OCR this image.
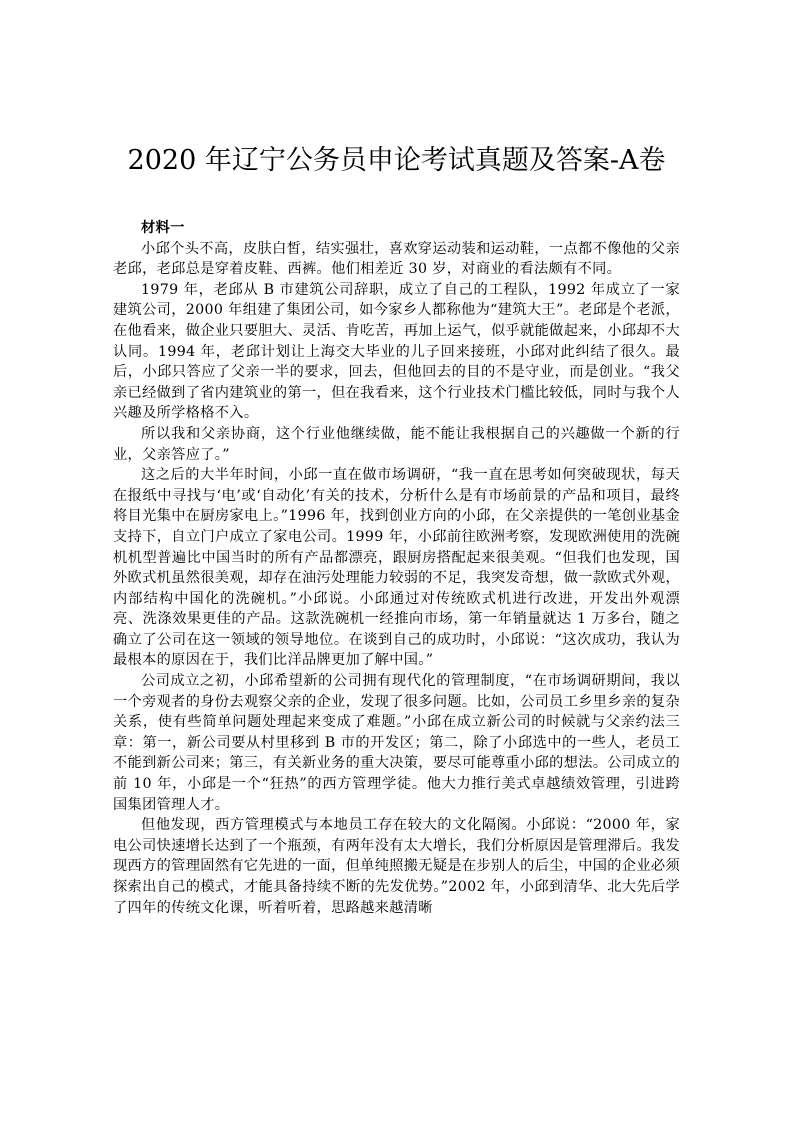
2020 年辽宁公务员申论考试真题及答案-A卷

材料一

小邱个头不高，皮肤白皙，结实强壮，喜欢穿运动装和运动鞋，一点都不像他的父亲老邱，老邱总是穿着皮鞋、西裤。他们相差近 30 岁，对商业的看法颇有不同。

1979 年，老邱从 B 市建筑公司辞职，成立了自己的工程队，1992 年成立了一家建筑公司，2000 年组建了集团公司，如今家乡人都称他为“建筑大王”。老邱是个老派，在他看来，做企业只要胆大、灵活、肯吃苦，再加上运气，似乎就能做起来，小邱却不大认同。1994 年，老邱计划让上海交大毕业的儿子回来接班，小邱对此纠结了很久。最后，小邱只答应了父亲一半的要求，回去，但他回去的目的不是守业，而是创业。“我父亲已经做到了省内建筑业的第一，但在我看来，这个行业技术门槛比较低，同时与我个人兴趣及所学格格不入。

所以我和父亲协商，这个行业他继续做，能不能让我根据自己的兴趣做一个新的行业，父亲答应了。”

这之后的大半年时间，小邱一直在做市场调研，“我一直在思考如何突破现状，每天在报纸中寻找与‘电’或‘自动化’有关的技术，分析什么是有市场前景的产品和项目，最终将目光集中在厨房家电上。”1996 年，找到创业方向的小邱，在父亲提供的一笔创业基金支持下，自立门户成立了家电公司。1999 年，小邱前往欧洲考察，发现欧洲使用的洗碗机机型普遍比中国当时的所有产品都漂亮，跟厨房搭配起来很美观。“但我们也发现，国外欧式机虽然很美观，却存在油污处理能力较弱的不足，我突发奇想，做一款欧式外观，内部结构中国化的洗碗机。”小邱说。小邱通过对传统欧式机进行改进，开发出外观漂亮、洗涤效果更佳的产品。这款洗碗机一经推向市场，第一年销量就达 1 万多台，随之确立了公司在这一领域的领导地位。在谈到自己的成功时，小邱说：“这次成功，我认为最根本的原因在于，我们比洋品牌更加了解中国。”

公司成立之初，小邱希望新的公司拥有现代化的管理制度，“在市场调研期间，我以一个旁观者的身份去观察父亲的企业，发现了很多问题。比如，公司员工乡里乡亲的复杂关系，使有些简单问题处理起来变成了难题。”小邱在成立新公司的时候就与父亲约法三章：第一，新公司要从村里移到 B 市的开发区；第二，除了小邱选中的一些人，老员工不能到新公司来；第三，有关新业务的重大决策，要尽可能尊重小邱的想法。公司成立的前 10 年，小邱是一个“狂热”的西方管理学徒。他大力推行美式卓越绩效管理，引进跨国集团管理人才。

但他发现，西方管理模式与本地员工存在较大的文化隔阂。小邱说：“2000 年，家电公司快速增长达到了一个瓶颈，有两年没有太大增长，我们分析原因是管理滞后。我发现西方的管理固然有它先进的一面，但单纯照搬无疑是在步别人的后尘，中国的企业必须探索出自己的模式，才能具备持续不断的先发优势。”2002 年，小邱到清华、北大先后学了四年的传统文化课，听着听着，思路越来越清晰
